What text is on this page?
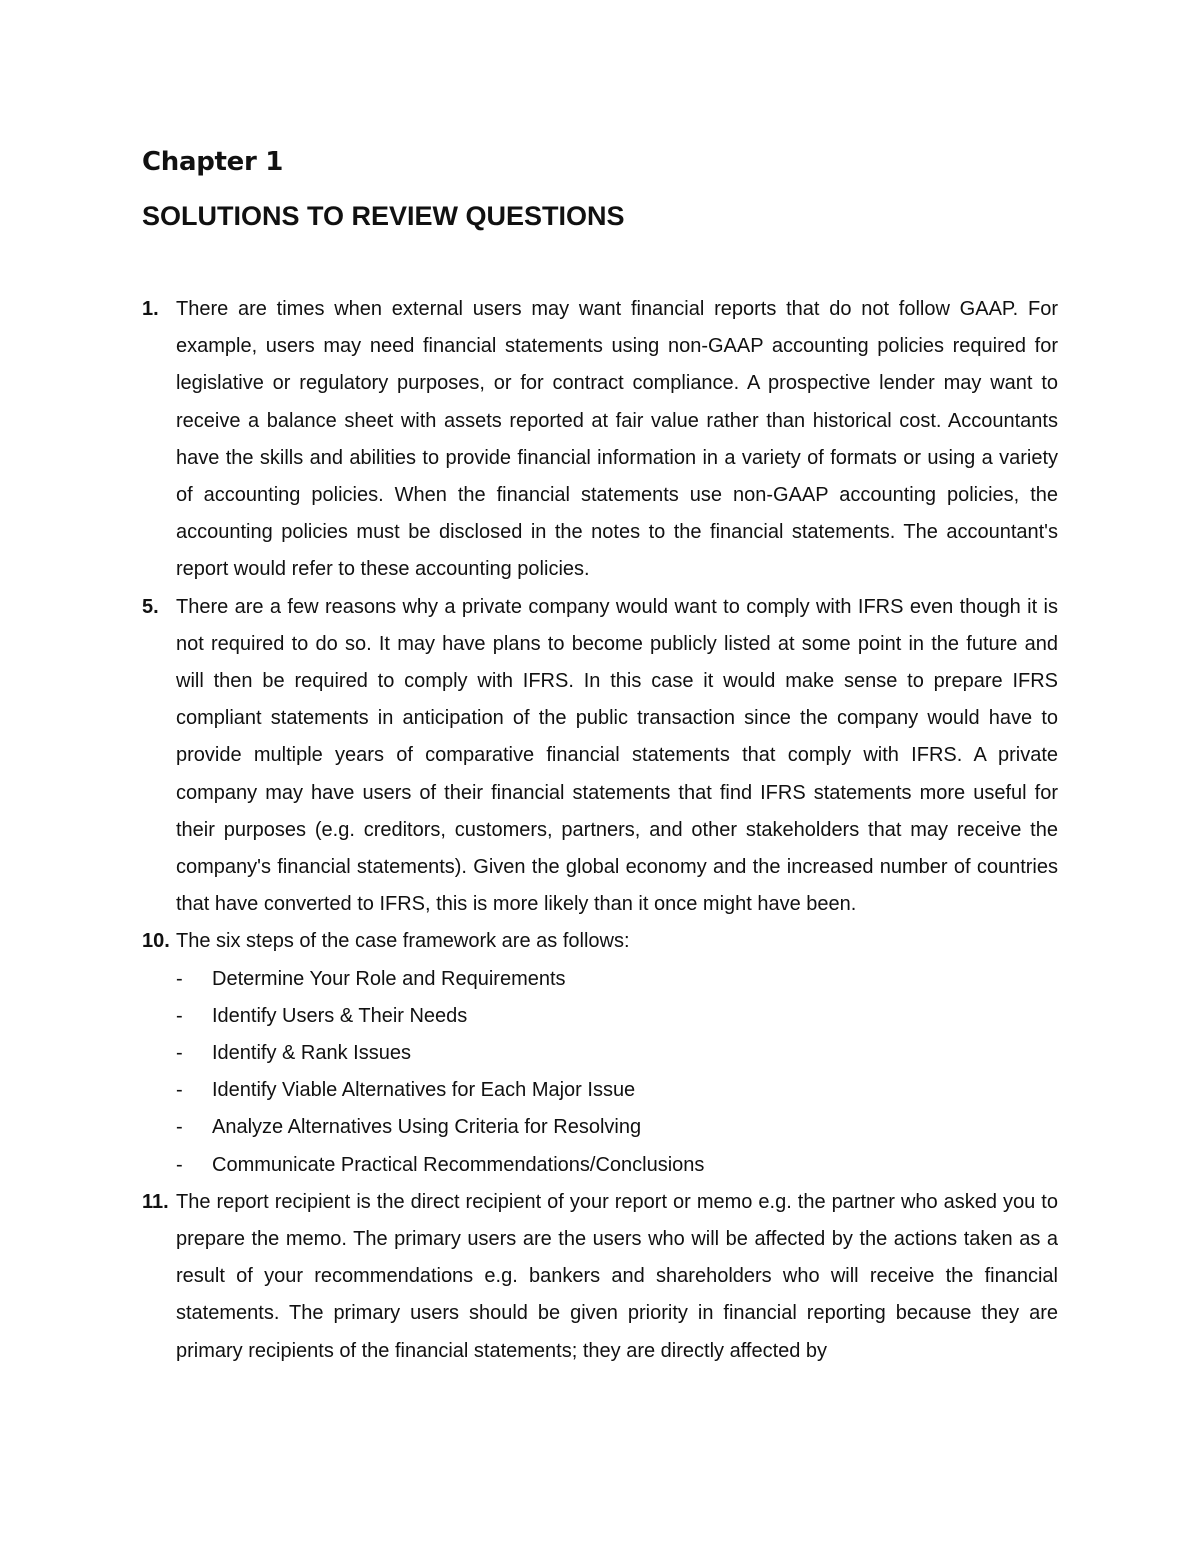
Chapter 1
SOLUTIONS TO REVIEW QUESTIONS
1. There are times when external users may want financial reports that do not follow GAAP. For example, users may need financial statements using non-GAAP accounting policies required for legislative or regulatory purposes, or for contract compliance. A prospective lender may want to receive a balance sheet with assets reported at fair value rather than historical cost. Accountants have the skills and abilities to provide financial information in a variety of formats or using a variety of accounting policies. When the financial statements use non-GAAP accounting policies, the accounting policies must be disclosed in the notes to the financial statements. The accountant's report would refer to these accounting policies.
5. There are a few reasons why a private company would want to comply with IFRS even though it is not required to do so. It may have plans to become publicly listed at some point in the future and will then be required to comply with IFRS. In this case it would make sense to prepare IFRS compliant statements in anticipation of the public transaction since the company would have to provide multiple years of comparative financial statements that comply with IFRS. A private company may have users of their financial statements that find IFRS statements more useful for their purposes (e.g. creditors, customers, partners, and other stakeholders that may receive the company's financial statements). Given the global economy and the increased number of countries that have converted to IFRS, this is more likely than it once might have been.
10. The six steps of the case framework are as follows:
- Determine Your Role and Requirements
- Identify Users & Their Needs
- Identify & Rank Issues
- Identify Viable Alternatives for Each Major Issue
- Analyze Alternatives Using Criteria for Resolving
- Communicate Practical Recommendations/Conclusions
11. The report recipient is the direct recipient of your report or memo e.g. the partner who asked you to prepare the memo. The primary users are the users who will be affected by the actions taken as a result of your recommendations e.g. bankers and shareholders who will receive the financial statements. The primary users should be given priority in financial reporting because they are primary recipients of the financial statements; they are directly affected by
